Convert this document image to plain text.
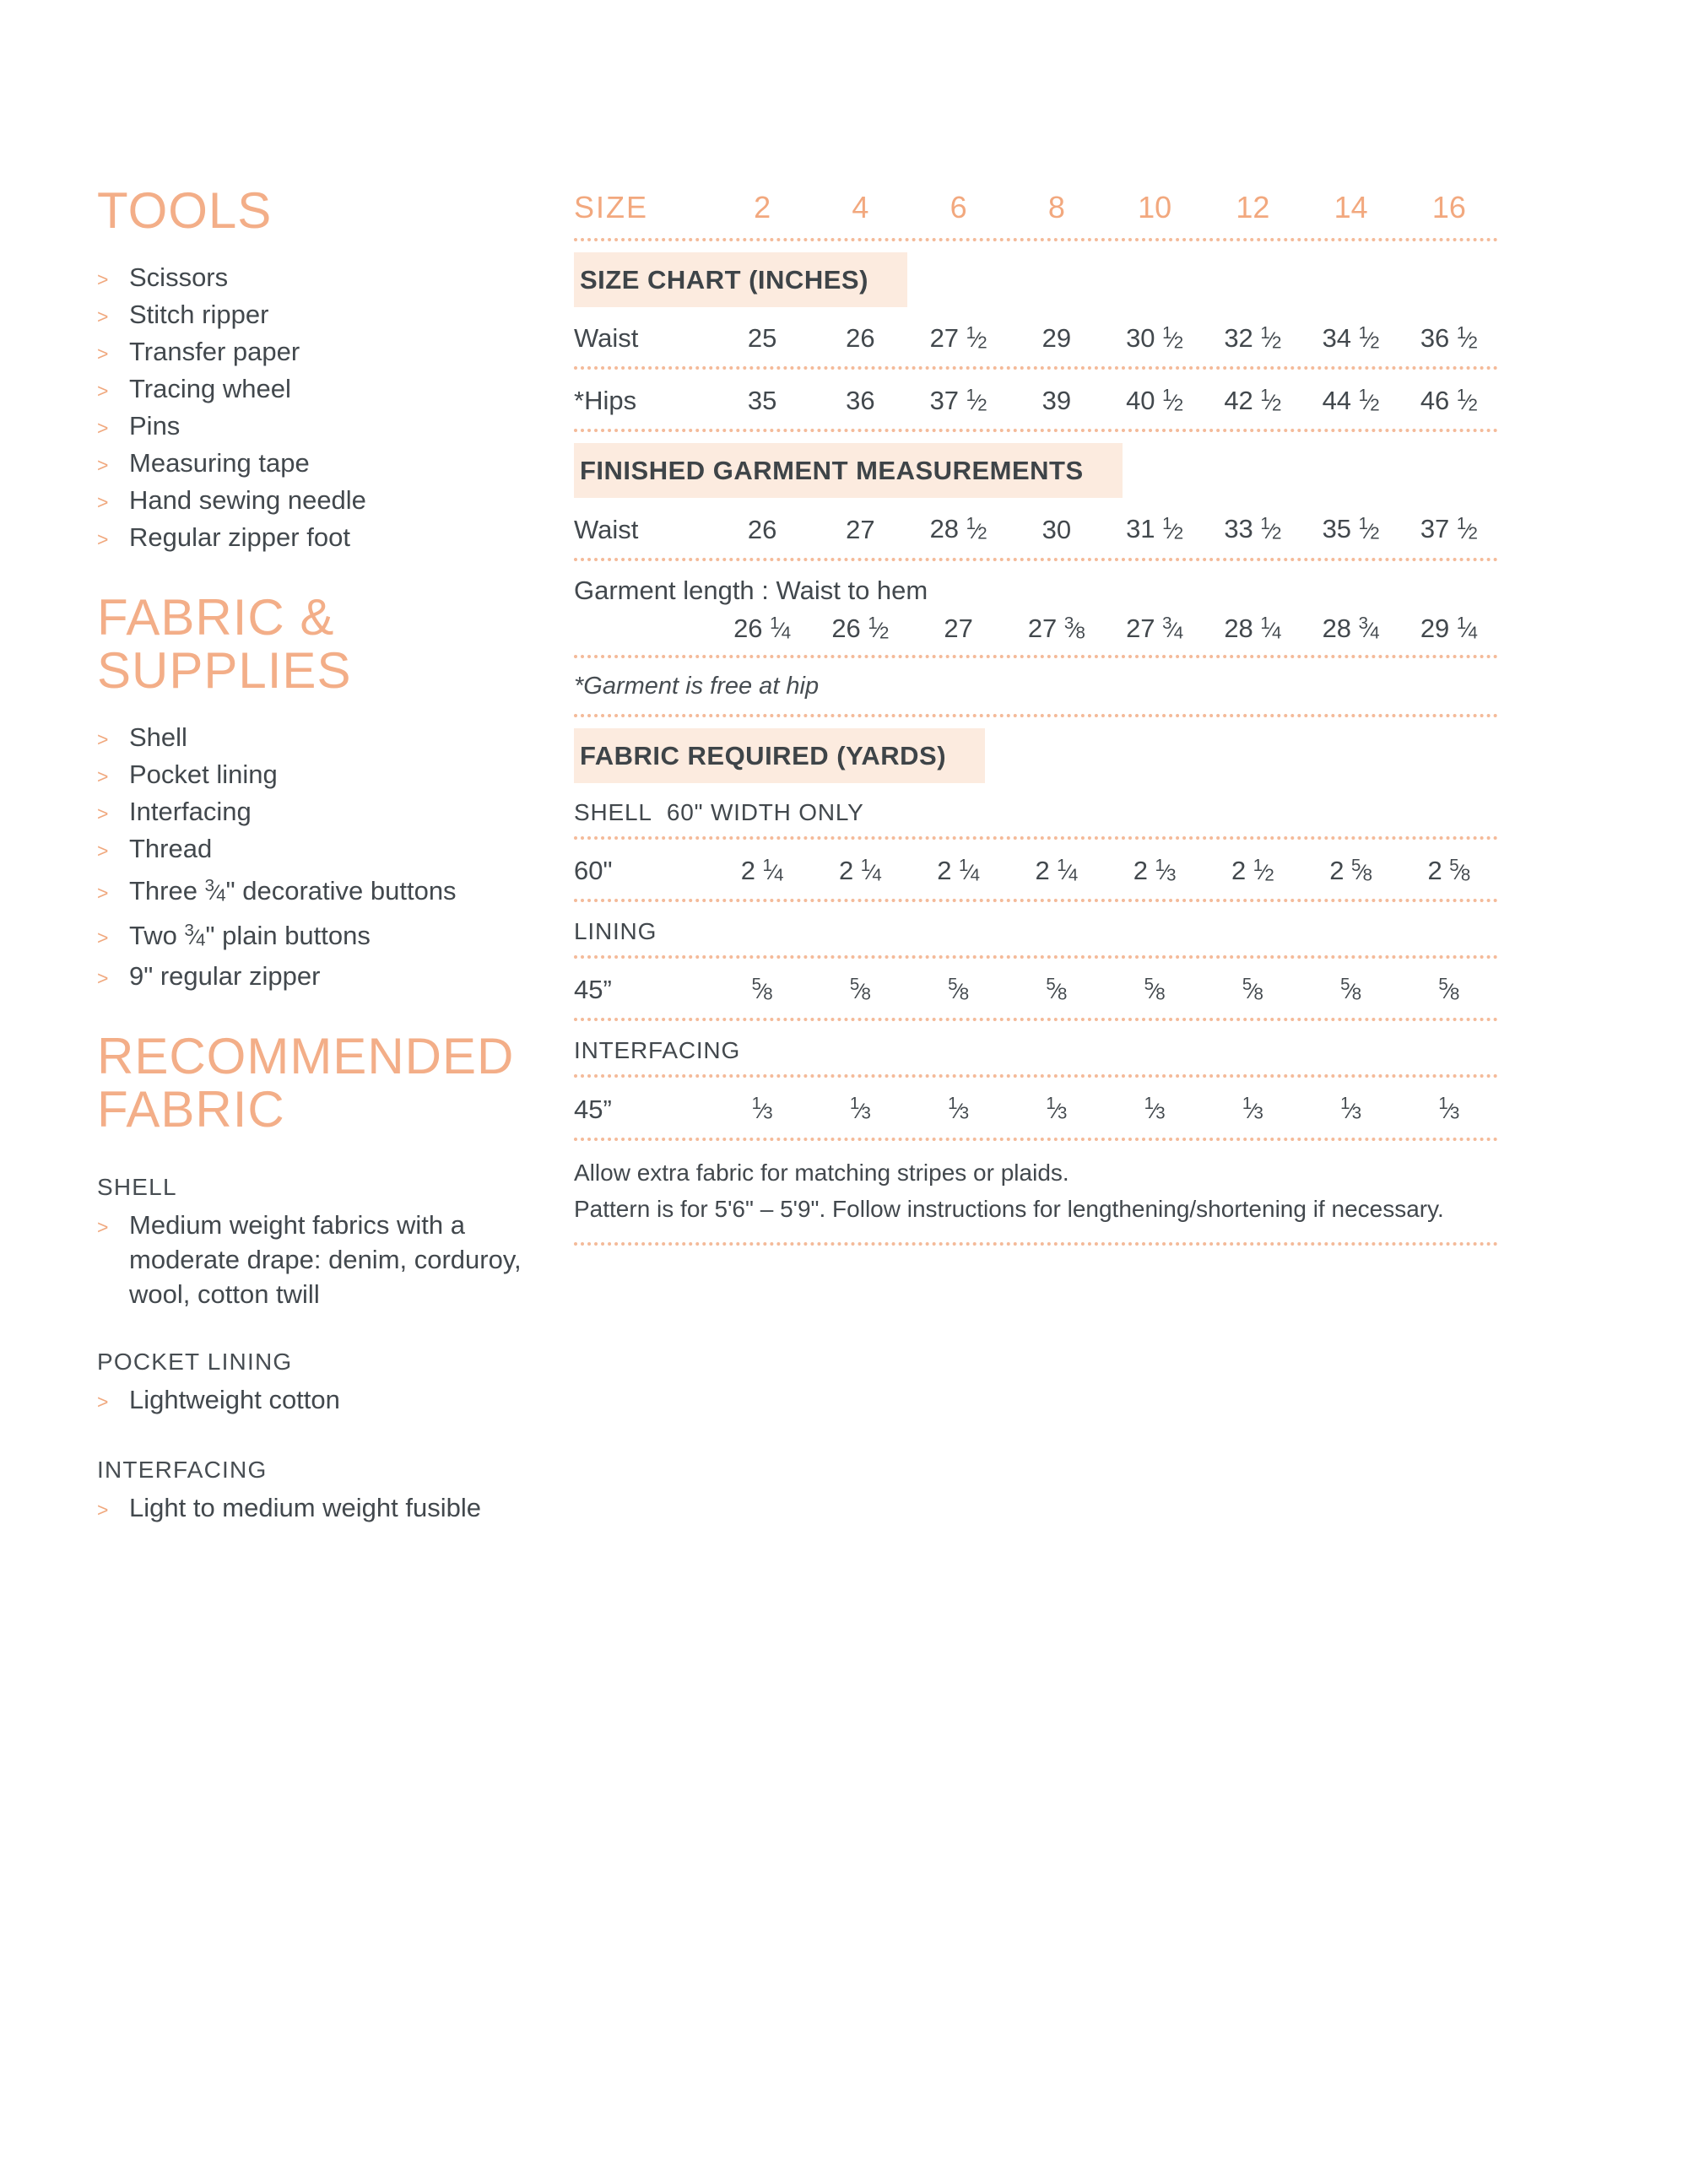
TOOLS
> Scissors
> Stitch ripper
> Transfer paper
> Tracing wheel
> Pins
> Measuring tape
> Hand sewing needle
> Regular zipper foot
FABRIC & SUPPLIES
> Shell
> Pocket lining
> Interfacing
> Thread
> Three $^3⁄_4$" decorative buttons
> Two $^3⁄_4$" plain buttons
> 9" regular zipper
RECOMMENDED FABRIC
SHELL
> Medium weight fabrics with a moderate drape: denim, corduroy, wool, cotton twill
POCKET LINING
> Lightweight cotton
INTERFACING
> Light to medium weight fusible
SIZE	2	4	6	8	10	12	14	16
SIZE CHART (INCHES)
Waist	25	26	27 $^1⁄_2$	29	30 $^1⁄_2$	32 $^1⁄_2$	34 $^1⁄_2$	36 $^1⁄_2$
*Hips	35	36	37 $^1⁄_2$	39	40 $^1⁄_2$	42 $^1⁄_2$	44 $^1⁄_2$	46 $^1⁄_2$
FINISHED GARMENT MEASUREMENTS
Waist	26	27	28 $^1⁄_2$	30	31 $^1⁄_2$	33 $^1⁄_2$	35 $^1⁄_2$	37 $^1⁄_2$
Garment length : Waist to hem
26 $^1⁄_4$	26 $^1⁄_2$	27	27 $^3⁄_8$	27 $^3⁄_4$	28 $^1⁄_4$	28 $^3⁄_4$	29 $^1⁄_4$
*Garment is free at hip
FABRIC REQUIRED (YARDS)
SHELL  60" WIDTH ONLY
60"	2 $^1⁄_4$	2 $^1⁄_4$	2 $^1⁄_4$	2 $^1⁄_4$	2 $^1⁄_3$	2 $^1⁄_2$	2 $^5⁄_8$	2 $^5⁄_8$
LINING
45”	$^5⁄_8$	$^5⁄_8$	$^5⁄_8$	$^5⁄_8$	$^5⁄_8$	$^5⁄_8$	$^5⁄_8$	$^5⁄_8$
INTERFACING
45”	$^1⁄_3$	$^1⁄_3$	$^1⁄_3$	$^1⁄_3$	$^1⁄_3$	$^1⁄_3$	$^1⁄_3$	$^1⁄_3$

Allow extra fabric for matching stripes or plaids.

Pattern is for 5'6" – 5'9". Follow instructions for lengthening/shortening if necessary.
